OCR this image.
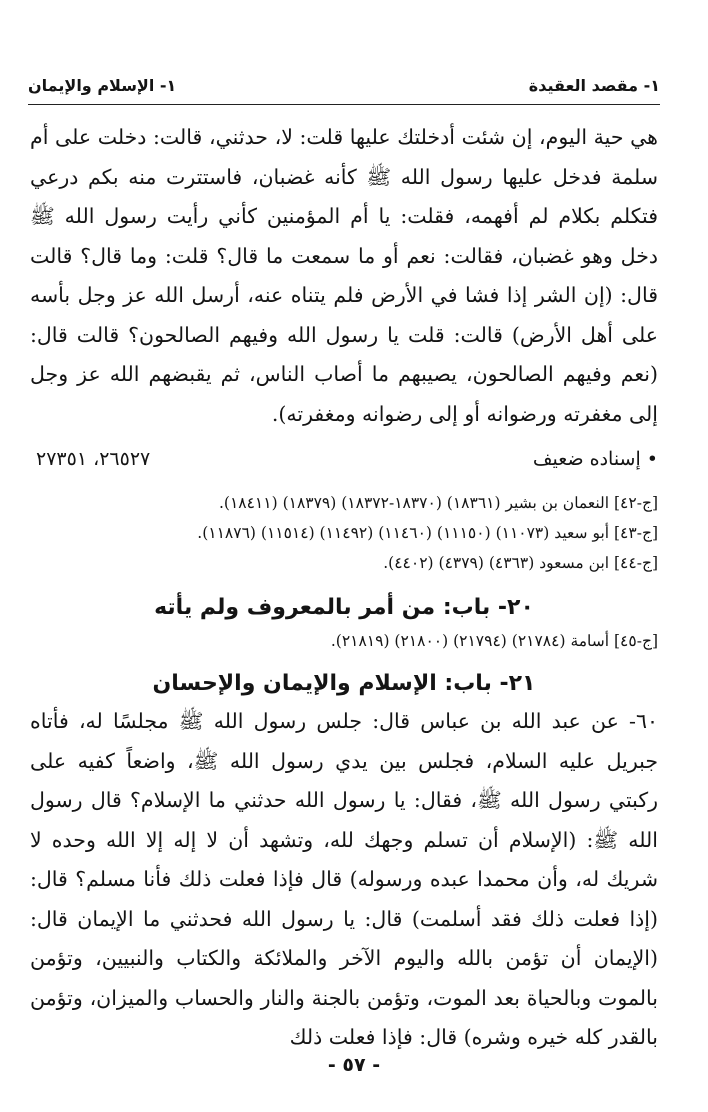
١- مقصد العقيدة
١- الإسلام والإيمان

هي حية اليوم، إن شئت أدخلتك عليها قلت: لا، حدثني، قالت: دخلت على أم سلمة فدخل عليها رسول الله ﷺ كأنه غضبان، فاستترت منه بكم درعي فتكلم بكلام لم أفهمه، فقلت: يا أم المؤمنين كأني رأيت رسول الله ﷺ دخل وهو غضبان، فقالت: نعم أو ما سمعت ما قال؟ قلت: وما قال؟ قالت قال: (إن الشر إذا فشا في الأرض فلم يتناه عنه، أرسل الله عز وجل بأسه على أهل الأرض) قالت: قلت يا رسول الله وفيهم الصالحون؟ قالت قال: (نعم وفيهم الصالحون، يصيبهم ما أصاب الناس، ثم يقبضهم الله عز وجل إلى مغفرته ورضوانه أو إلى رضوانه ومغفرته).

• إسناده ضعيف
٢٦٥٢٧، ٢٧٣٥١
[ج-٤٢] النعمان بن بشير (١٨٣٦١) (١٨٣٧٠-١٨٣٧٢) (١٨٣٧٩) (١٨٤١١).
[ج-٤٣] أبو سعيد (١١٠٧٣) (١١١٥٠) (١١٤٦٠) (١١٤٩٢) (١١٥١٤) (١١٨٧٦).
[ج-٤٤] ابن مسعود (٤٣٦٣) (٤٣٧٩) (٤٤٠٢).
٢٠- باب: من أمر بالمعروف ولم يأته
[ج-٤٥] أسامة (٢١٧٨٤) (٢١٧٩٤) (٢١٨٠٠) (٢١٨١٩).
٢١- باب: الإسلام والإيمان والإحسان

٦٠- عن عبد الله بن عباس قال: جلس رسول الله ﷺ مجلسًا له، فأتاه جبريل عليه السلام، فجلس بين يدي رسول الله ﷺ، واضعاً كفيه على ركبتي رسول الله ﷺ، فقال: يا رسول الله حدثني ما الإسلام؟ قال رسول الله ﷺ: (الإسلام أن تسلم وجهك لله، وتشهد أن لا إله إلا الله وحده لا شريك له، وأن محمدا عبده ورسوله) قال فإذا فعلت ذلك فأنا مسلم؟ قال: (إذا فعلت ذلك فقد أسلمت) قال: يا رسول الله فحدثني ما الإيمان قال: (الإيمان أن تؤمن بالله واليوم الآخر والملائكة والكتاب والنبيين، وتؤمن بالموت وبالحياة بعد الموت، وتؤمن بالجنة والنار والحساب والميزان، وتؤمن بالقدر كله خيره وشره) قال: فإذا فعلت ذلك

- ٥٧ -
